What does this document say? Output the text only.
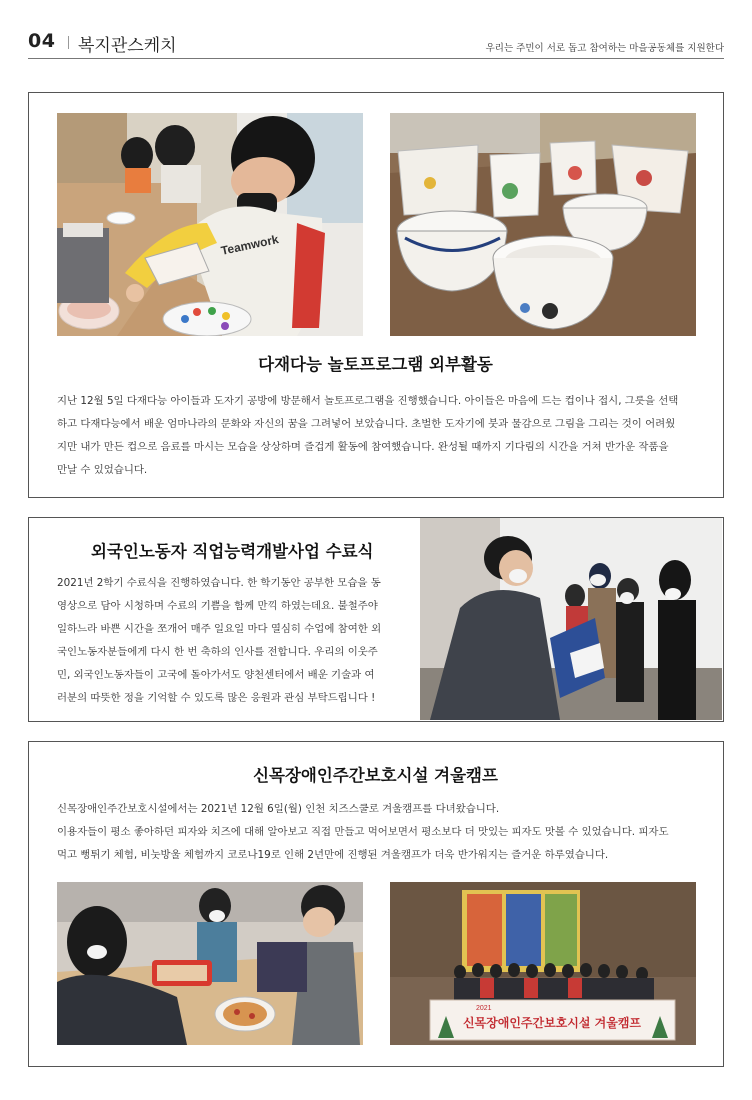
04 복지관스케치	우리는 주민이 서로 돕고 참여하는 마을공동체를 지원한다
Teamwork
다재다능 놀토프로그램 외부활동

지난 12월 5일 다재다능 아이들과 도자기 공방에 방문해서 놀토프로그램을 진행했습니다. 아이들은 마음에 드는 컵이나 접시, 그릇을 선택
하고 다재다능에서 배운 엄마나라의 문화와 자신의 꿈을 그려넣어 보았습니다. 초벌한 도자기에 붓과 물감으로 그림을 그리는 것이 어려웠
지만 내가 만든 컵으로 음료를 마시는 모습을 상상하며 즐겁게 활동에 참여했습니다. 완성될 때까지 기다림의 시간을 거쳐 반가운 작품을
만날 수 있었습니다.

외국인노동자 직업능력개발사업 수료식

2021년 2학기 수료식을 진행하였습니다. 한 학기동안 공부한 모습을 동
영상으로 담아 시청하며 수료의 기쁨을 함께 만끽 하였는데요. 불철주야
일하느라 바쁜 시간을 쪼개어 매주 일요일 마다 열심히 수업에 참여한 외
국인노동자분들에게 다시 한 번 축하의 인사를 전합니다. 우리의 이웃주
민, 외국인노동자들이 고국에 돌아가서도 양천센터에서 배운 기술과 여
러분의 따뜻한 정을 기억할 수 있도록 많은 응원과 관심 부탁드립니다 !

신목장애인주간보호시설 겨울캠프

신목장애인주간보호시설에서는 2021년 12월 6일(월) 인천 치즈스쿨로 겨울캠프를 다녀왔습니다.
이용자들이 평소 좋아하던 피자와 치즈에 대해 알아보고 직접 만들고 먹어보면서 평소보다 더 맛있는 피자도 맛볼 수 있었습니다. 피자도
먹고 뻥튀기 체험, 비눗방울 체험까지 코로나19로 인해 2년만에 진행된 겨울캠프가 더욱 반가워지는 즐거운 하루였습니다.

2021
신목장애인주간보호시설 겨울캠프
